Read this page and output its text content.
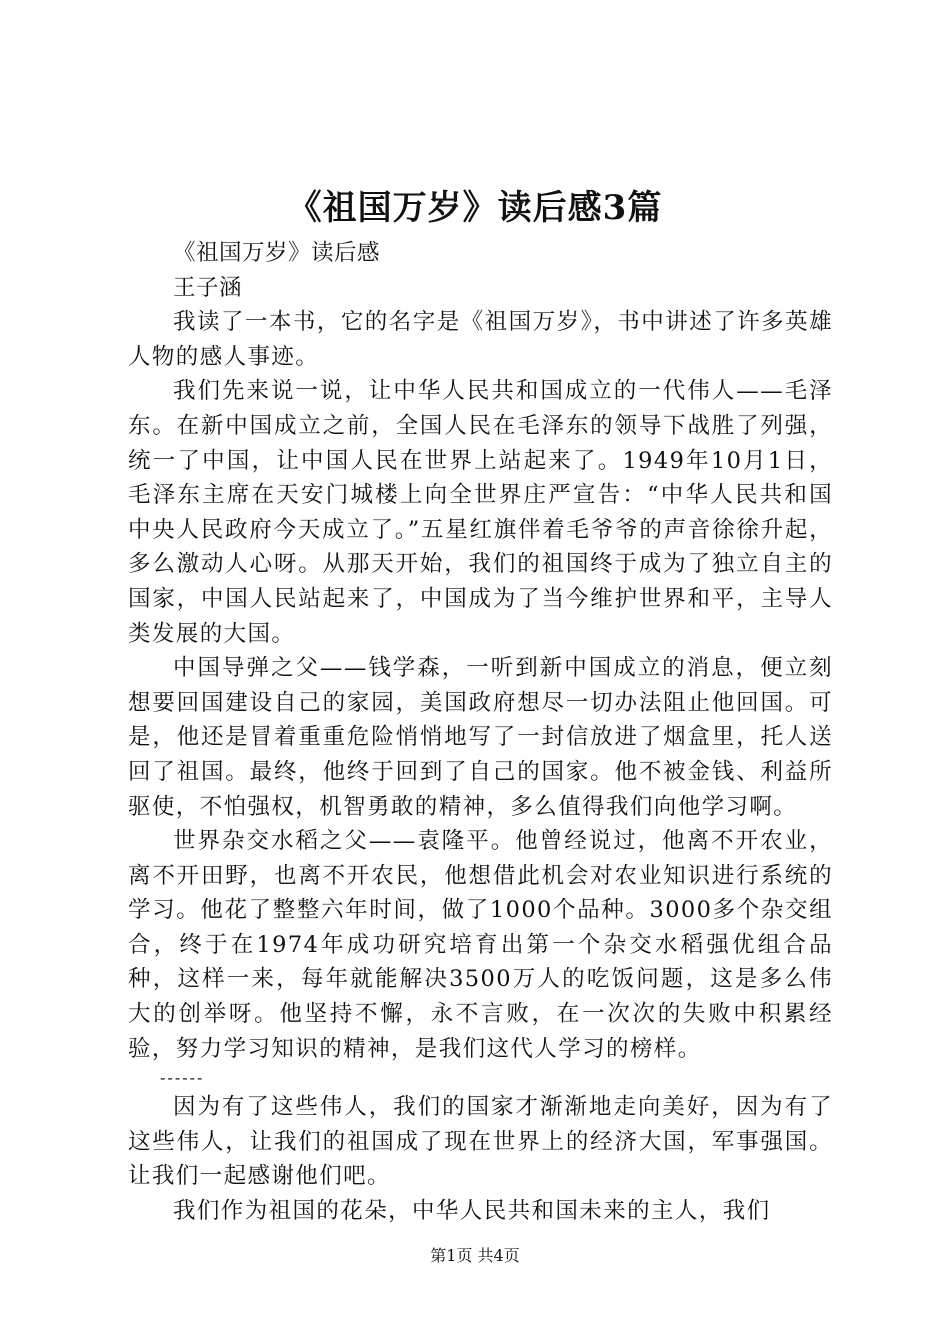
《祖国万岁》读后感3篇

《祖国万岁》读后感

王子涵

我读了一本书，它的名字是《祖国万岁》，书中讲述了许多英雄人物的感人事迹。

我们先来说一说，让中华人民共和国成立的一代伟人——毛泽东。在新中国成立之前，全国人民在毛泽东的领导下战胜了列强，统一了中国，让中国人民在世界上站起来了。1949年10月1日，毛泽东主席在天安门城楼上向全世界庄严宣告：“中华人民共和国中央人民政府今天成立了。”五星红旗伴着毛爷爷的声音徐徐升起，多么激动人心呀。从那天开始，我们的祖国终于成为了独立自主的国家，中国人民站起来了，中国成为了当今维护世界和平，主导人类发展的大国。

中国导弹之父——钱学森，一听到新中国成立的消息，便立刻想要回国建设自己的家园，美国政府想尽一切办法阻止他回国。可是，他还是冒着重重危险悄悄地写了一封信放进了烟盒里，托人送回了祖国。最终，他终于回到了自己的国家。他不被金钱、利益所驱使，不怕强权，机智勇敢的精神，多么值得我们向他学习啊。

世界杂交水稻之父——袁隆平。他曾经说过，他离不开农业，离不开田野，也离不开农民，他想借此机会对农业知识进行系统的学习。他花了整整六年时间，做了1000个品种。3000多个杂交组合，终于在1974年成功研究培育出第一个杂交水稻强优组合品种，这样一来，每年就能解决3500万人的吃饭问题，这是多么伟大的创举呀。他坚持不懈，永不言败，在一次次的失败中积累经验，努力学习知识的精神，是我们这代人学习的榜样。

------

因为有了这些伟人，我们的国家才渐渐地走向美好，因为有了这些伟人，让我们的祖国成了现在世界上的经济大国，军事强国。让我们一起感谢他们吧。

我们作为祖国的花朵，中华人民共和国未来的主人，我们

第1页 共4页
